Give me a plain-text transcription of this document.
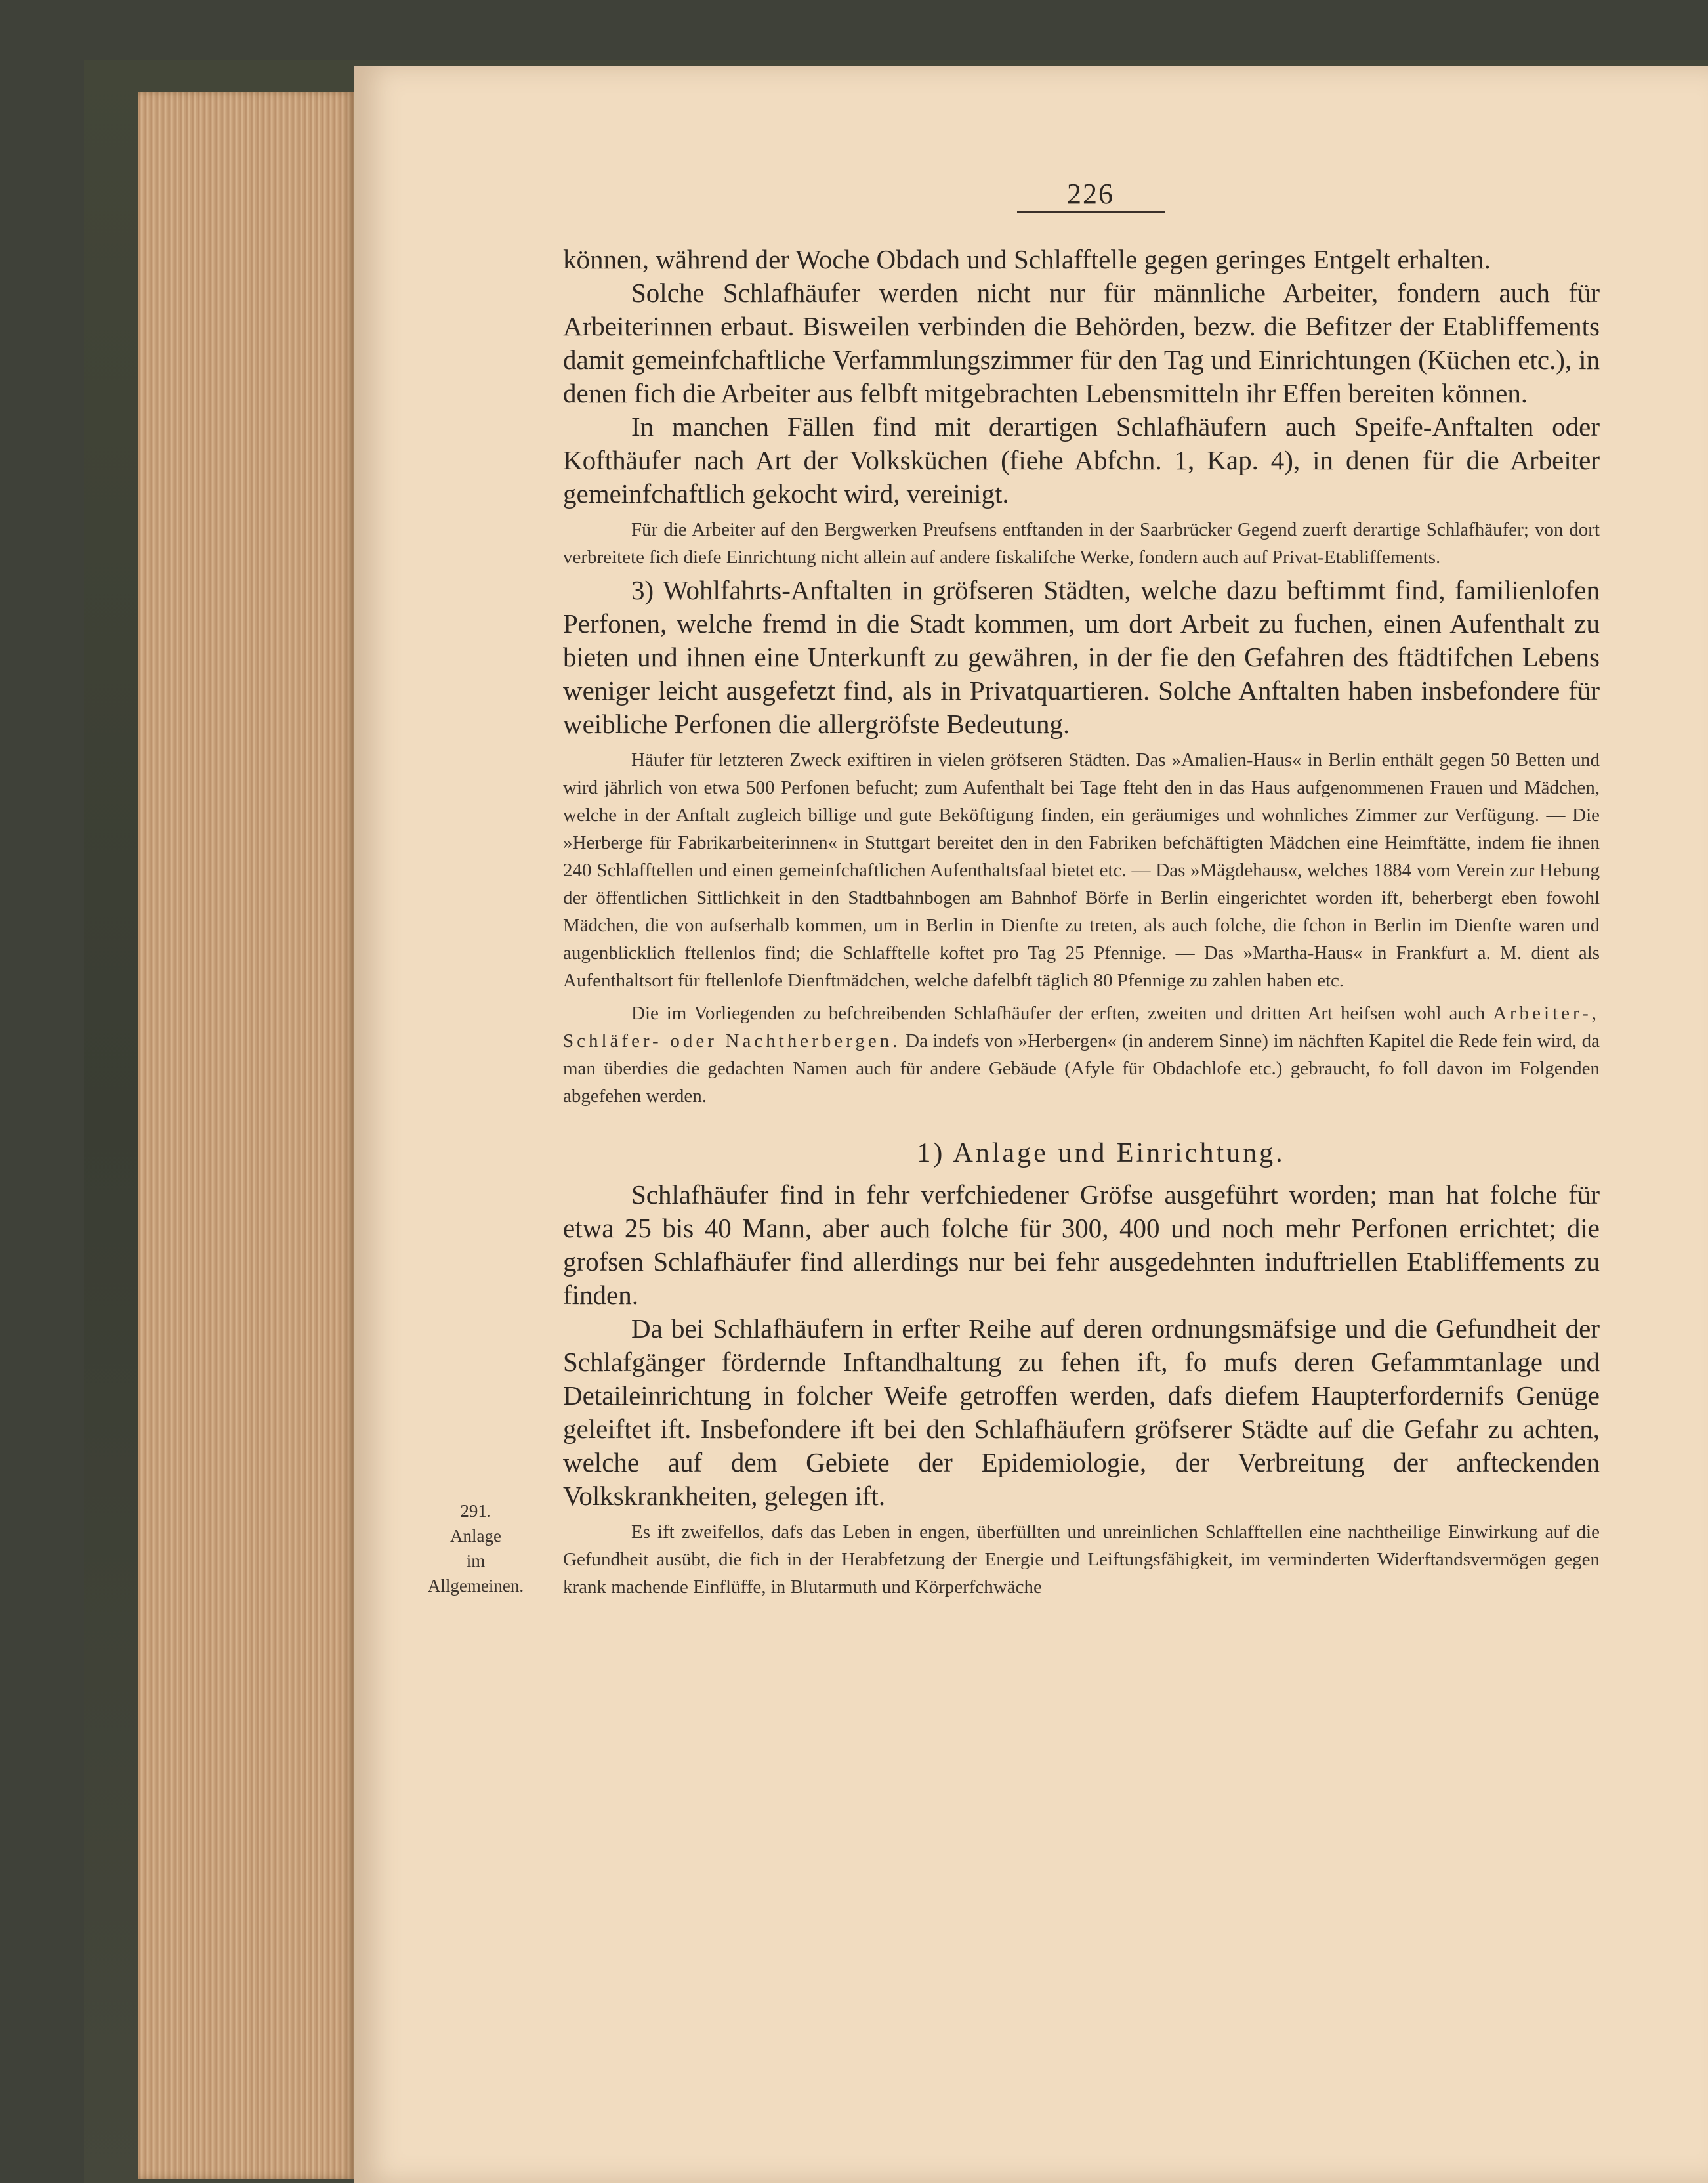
226
291.
Anlage
im
Allgemeinen.

können, während der Woche Obdach und Schlafftelle gegen geringes Entgelt erhalten.

Solche Schlafhäufer werden nicht nur für männliche Arbeiter, fondern auch für Arbeiterinnen erbaut. Bisweilen verbinden die Behörden, bezw. die Befitzer der Etabliffements damit gemeinfchaftliche Verfammlungszimmer für den Tag und Einrichtungen (Küchen etc.), in denen fich die Arbeiter aus felbft mitgebrachten Lebensmitteln ihr Effen bereiten können.

In manchen Fällen find mit derartigen Schlafhäufern auch Speife-Anftalten oder Kofthäufer nach Art der Volksküchen (fiehe Abfchn. 1, Kap. 4), in denen für die Arbeiter gemeinfchaftlich gekocht wird, vereinigt.

Für die Arbeiter auf den Bergwerken Preufsens entftanden in der Saarbrücker Gegend zuerft derartige Schlafhäufer; von dort verbreitete fich diefe Einrichtung nicht allein auf andere fiskalifche Werke, fondern auch auf Privat-Etabliffements.

3) Wohlfahrts-Anftalten in gröfseren Städten, welche dazu beftimmt find, familienlofen Perfonen, welche fremd in die Stadt kommen, um dort Arbeit zu fuchen, einen Aufenthalt zu bieten und ihnen eine Unterkunft zu gewähren, in der fie den Gefahren des ftädtifchen Lebens weniger leicht ausgefetzt find, als in Privatquartieren. Solche Anftalten haben insbefondere für weibliche Perfonen die allergröfste Bedeutung.

Häufer für letzteren Zweck exiftiren in vielen gröfseren Städten. Das »Amalien-Haus« in Berlin enthält gegen 50 Betten und wird jährlich von etwa 500 Perfonen befucht; zum Aufenthalt bei Tage fteht den in das Haus aufgenommenen Frauen und Mädchen, welche in der Anftalt zugleich billige und gute Beköftigung finden, ein geräumiges und wohnliches Zimmer zur Verfügung. — Die »Herberge für Fabrikarbeiterinnen« in Stuttgart bereitet den in den Fabriken befchäftigten Mädchen eine Heimftätte, indem fie ihnen 240 Schlafftellen und einen gemeinfchaftlichen Aufenthaltsfaal bietet etc. — Das »Mägdehaus«, welches 1884 vom Verein zur Hebung der öffentlichen Sittlichkeit in den Stadtbahnbogen am Bahnhof Börfe in Berlin eingerichtet worden ift, beherbergt eben fowohl Mädchen, die von aufserhalb kommen, um in Berlin in Dienfte zu treten, als auch folche, die fchon in Berlin im Dienfte waren und augenblicklich ftellenlos find; die Schlafftelle koftet pro Tag 25 Pfennige. — Das »Martha-Haus« in Frankfurt a. M. dient als Aufenthaltsort für ftellenlofe Dienftmädchen, welche dafelbft täglich 80 Pfennige zu zahlen haben etc.

Die im Vorliegenden zu befchreibenden Schlafhäufer der erften, zweiten und dritten Art heifsen wohl auch Arbeiter-, Schläfer- oder Nachtherbergen. Da indefs von »Herbergen« (in anderem Sinne) im nächften Kapitel die Rede fein wird, da man überdies die gedachten Namen auch für andere Gebäude (Afyle für Obdachlofe etc.) gebraucht, fo foll davon im Folgenden abgefehen werden.

1) Anlage und Einrichtung.

Schlafhäufer find in fehr verfchiedener Gröfse ausgeführt worden; man hat folche für etwa 25 bis 40 Mann, aber auch folche für 300, 400 und noch mehr Perfonen errichtet; die grofsen Schlafhäufer find allerdings nur bei fehr ausgedehnten induftriellen Etabliffements zu finden.

Da bei Schlafhäufern in erfter Reihe auf deren ordnungsmäfsige und die Gefundheit der Schlafgänger fördernde Inftandhaltung zu fehen ift, fo mufs deren Gefammtanlage und Detaileinrichtung in folcher Weife getroffen werden, dafs diefem Haupterfordernifs Genüge geleiftet ift. Insbefondere ift bei den Schlafhäufern gröfserer Städte auf die Gefahr zu achten, welche auf dem Gebiete der Epidemiologie, der Verbreitung der anfteckenden Volkskrankheiten, gelegen ift.

Es ift zweifellos, dafs das Leben in engen, überfüllten und unreinlichen Schlafftellen eine nachtheilige Einwirkung auf die Gefundheit ausübt, die fich in der Herabfetzung der Energie und Leiftungsfähigkeit, im verminderten Widerftandsvermögen gegen krank machende Einflüffe, in Blutarmuth und Körperfchwäche
